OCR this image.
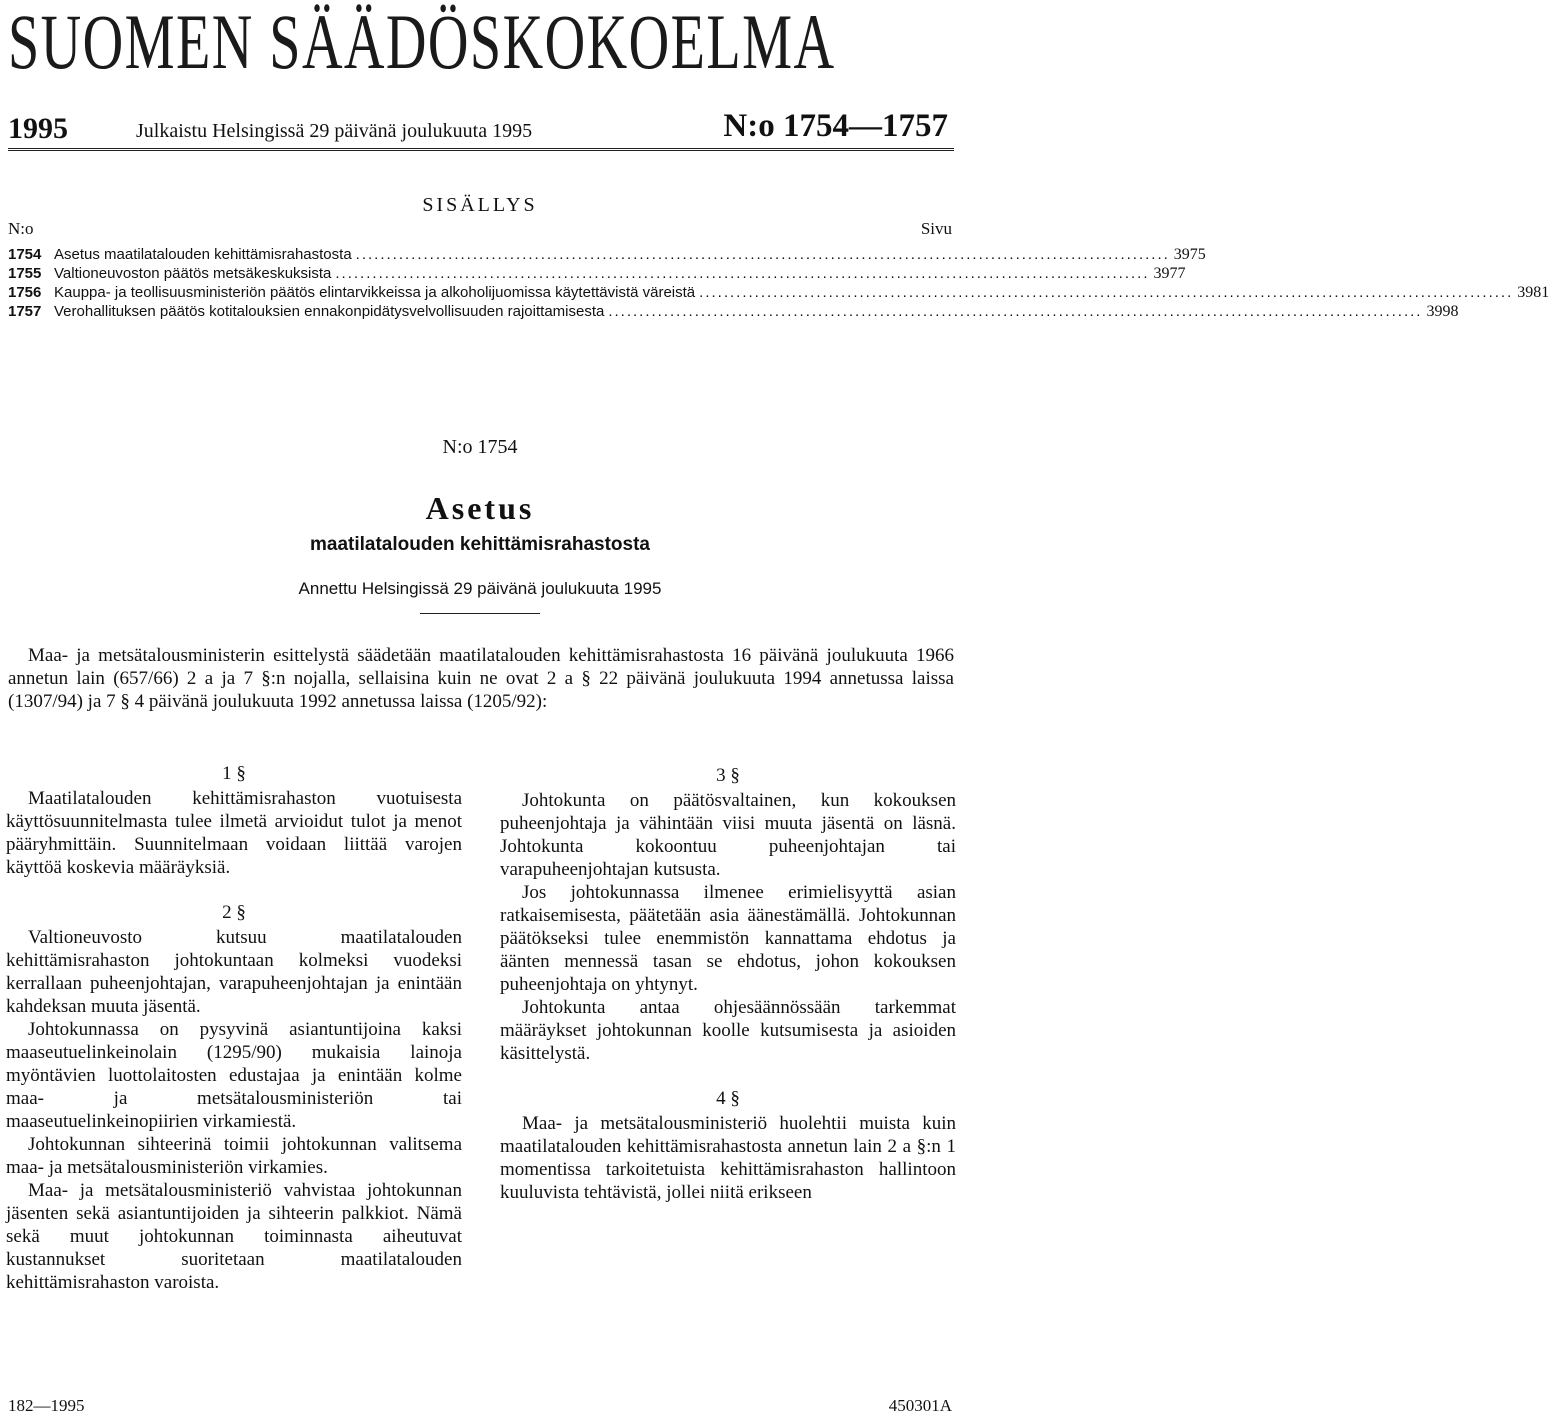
SUOMEN SÄÄDÖSKOKOELMA
1995	Julkaistu Helsingissä 29 päivänä joulukuuta 1995	N:o 1754—1757
SISÄLLYS
N:o	Sivu
1754 Asetus maatilatalouden kehittämisrahastosta .................................................................................................................................... 3975
1755 Valtioneuvoston päätös metsäkeskuksista .................................................................................................................................... 3977
1756 Kauppa- ja teollisuusministeriön päätös elintarvikkeissa ja alkoholijuomissa käytettävistä väreistä .................................................................................................................................... 3981
1757 Verohallituksen päätös kotitalouksien ennakonpidätysvelvollisuuden rajoittamisesta .................................................................................................................................... 3998
N:o 1754
Asetus
maatilatalouden kehittämisrahastosta
Annettu Helsingissä 29 päivänä joulukuuta 1995
Maa- ja metsätalousministerin esittelystä säädetään maatilatalouden kehittämisrahastosta 16 päivänä joulukuuta 1966 annetun lain (657/66) 2 a ja 7 §:n nojalla, sellaisina kuin ne ovat 2 a § 22 päivänä joulukuuta 1994 annetussa laissa (1307/94) ja 7 § 4 päivänä joulukuuta 1992 annetussa laissa (1205/92):
1 §

Maatilatalouden kehittämisrahaston vuotuisesta käyttösuunnitelmasta tulee ilmetä arvioidut tulot ja menot pääryhmittäin. Suunnitelmaan voidaan liittää varojen käyttöä koskevia määräyksiä.

2 §

Valtioneuvosto kutsuu maatilatalouden kehittämisrahaston johtokuntaan kolmeksi vuodeksi kerrallaan puheenjohtajan, varapuheenjohtajan ja enintään kahdeksan muuta jäsentä.

Johtokunnassa on pysyvinä asiantuntijoina kaksi maaseutuelinkeinolain (1295/90) mukaisia lainoja myöntävien luottolaitosten edustajaa ja enintään kolme maa- ja metsätalousministeriön tai maaseutuelinkeinopiirien virkamiestä.

Johtokunnan sihteerinä toimii johtokunnan valitsema maa- ja metsätalousministeriön virkamies.

Maa- ja metsätalousministeriö vahvistaa johtokunnan jäsenten sekä asiantuntijoiden ja sihteerin palkkiot. Nämä sekä muut johtokunnan toiminnasta aiheutuvat kustannukset suoritetaan maatilatalouden kehittämisrahaston varoista.

3 §

Johtokunta on päätösvaltainen, kun kokouksen puheenjohtaja ja vähintään viisi muuta jäsentä on läsnä. Johtokunta kokoontuu puheenjohtajan tai varapuheenjohtajan kutsusta.

Jos johtokunnassa ilmenee erimielisyyttä asian ratkaisemisesta, päätetään asia äänestämällä. Johtokunnan päätökseksi tulee enemmistön kannattama ehdotus ja äänten mennessä tasan se ehdotus, johon kokouksen puheenjohtaja on yhtynyt.

Johtokunta antaa ohjesäännössään tarkemmat määräykset johtokunnan koolle kutsumisesta ja asioiden käsittelystä.

4 §

Maa- ja metsätalousministeriö huolehtii muista kuin maatilatalouden kehittämisrahastosta annetun lain 2 a §:n 1 momentissa tarkoitetuista kehittämisrahaston hallintoon kuuluvista tehtävistä, jollei niitä erikseen

182—1995	450301A
